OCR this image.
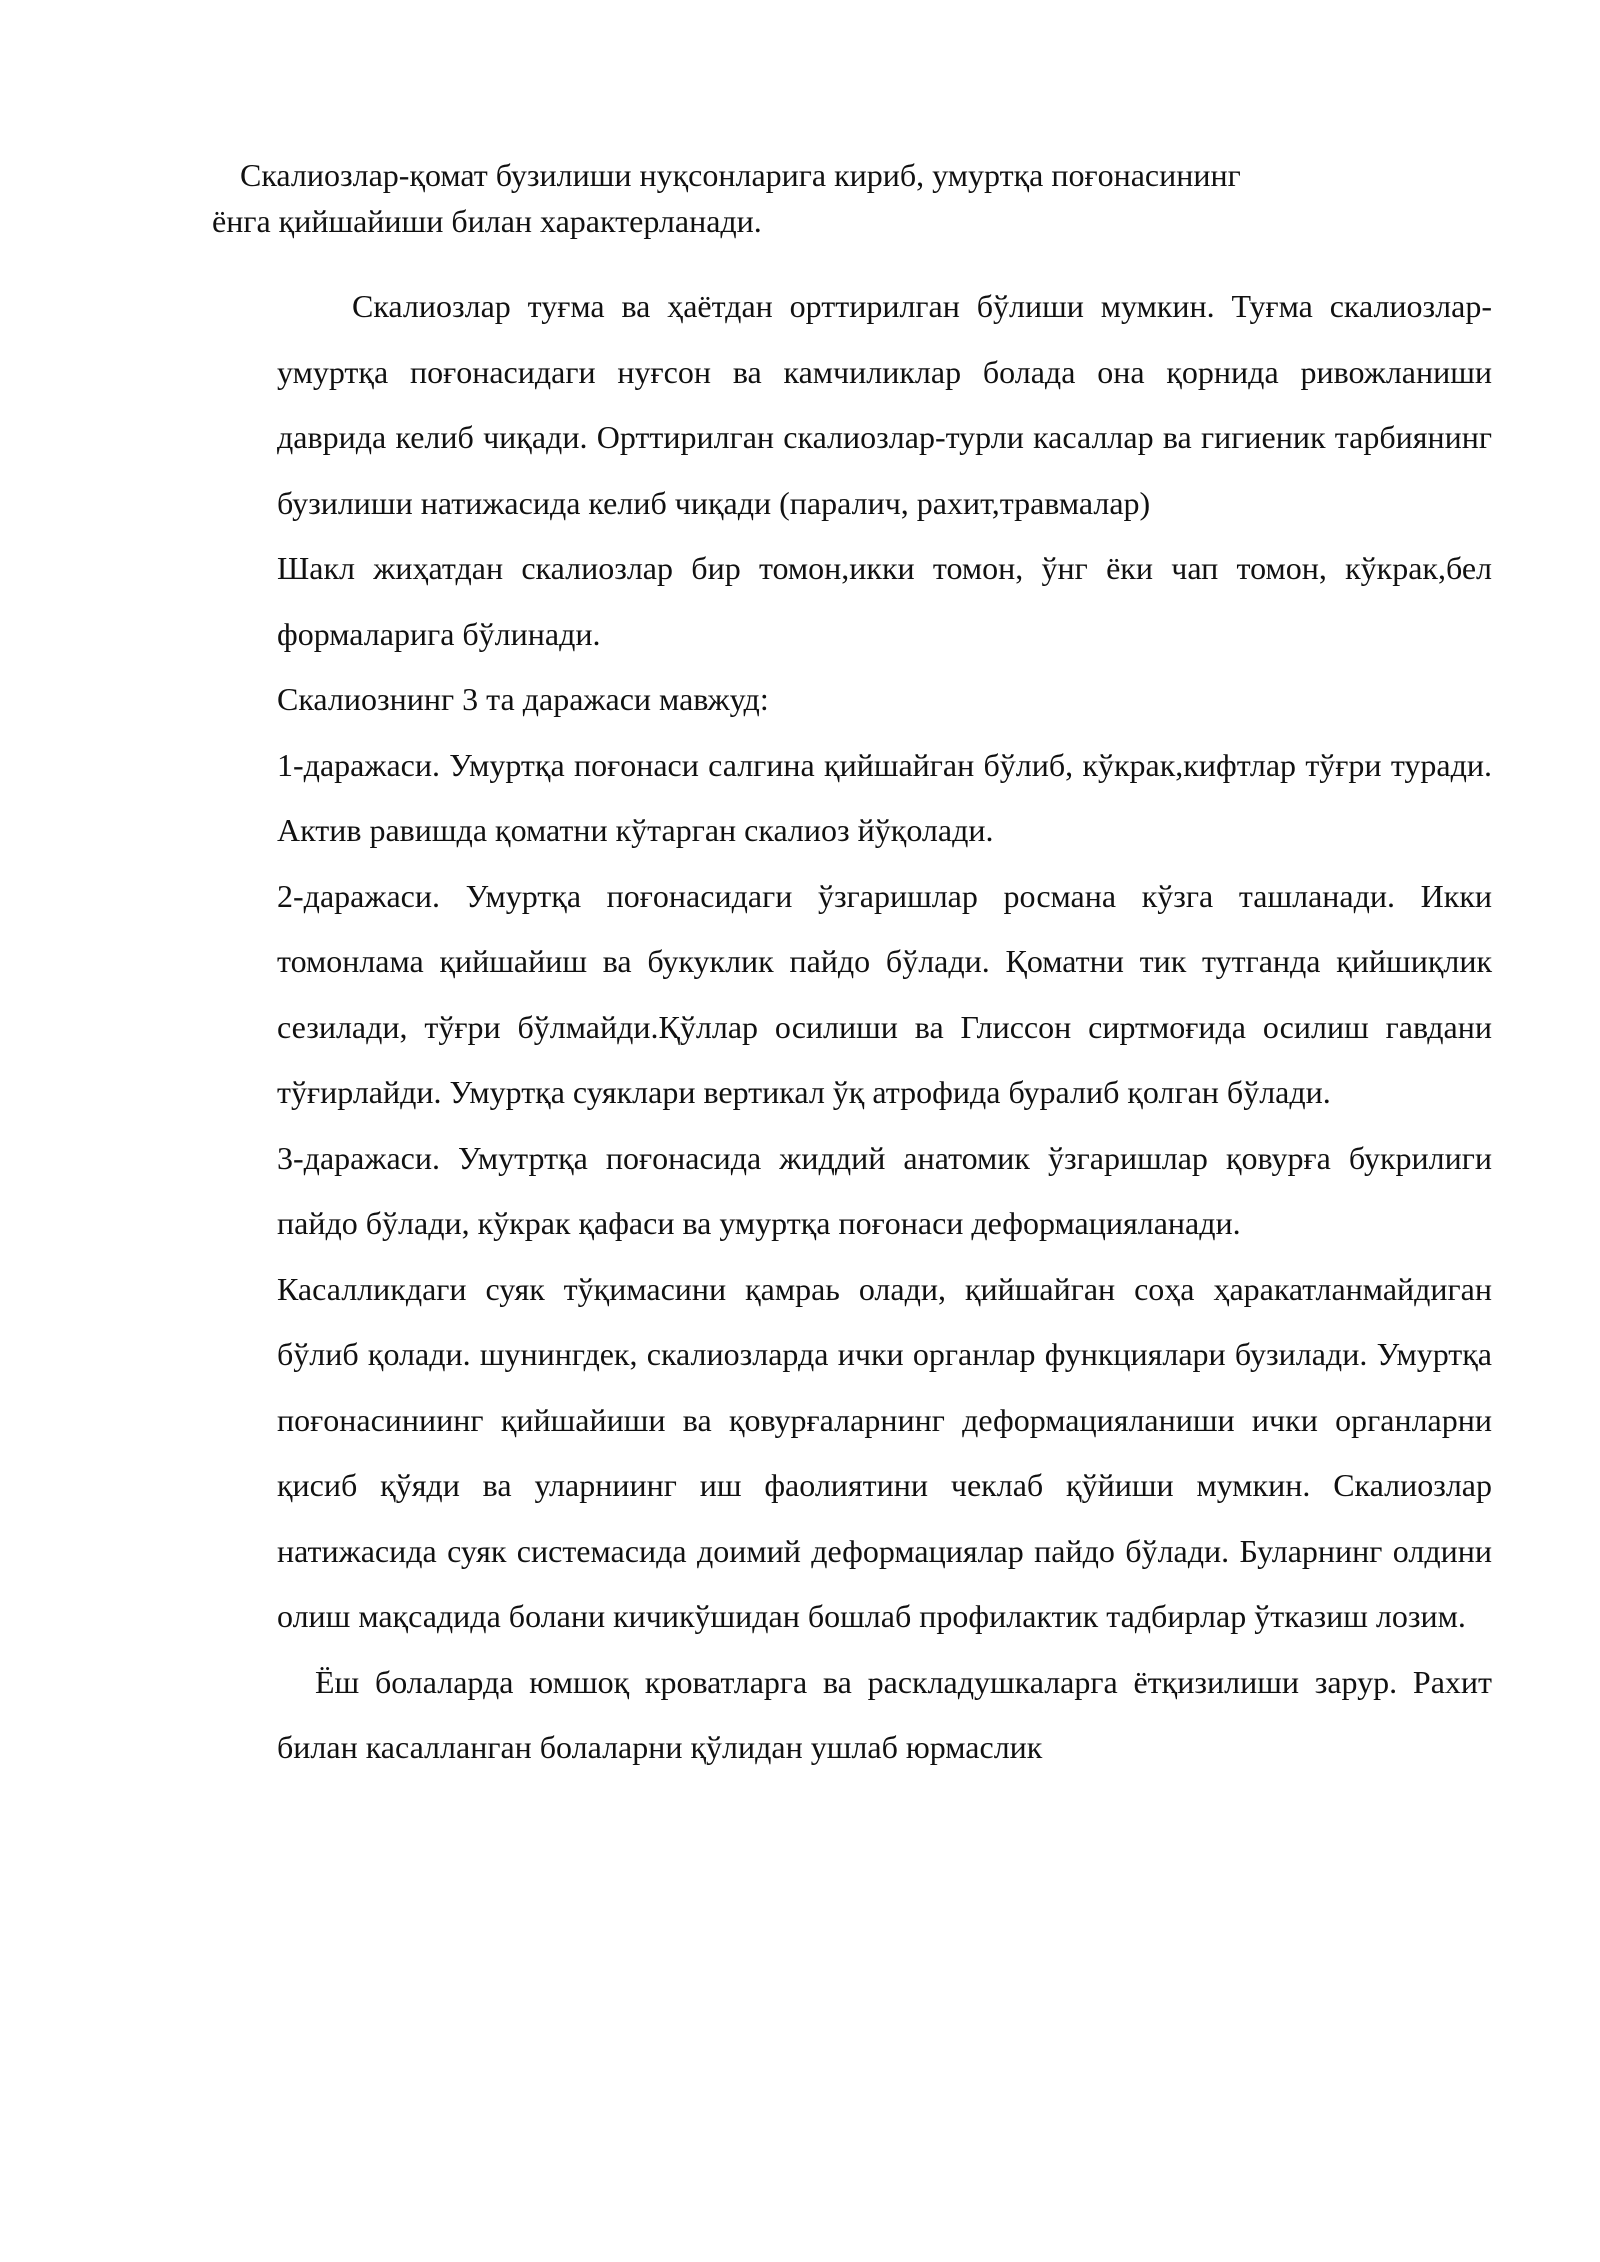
Скалиозлар-қомат бузилиши нуқсонларига кириб, умуртқа поғонасининг
ёнга қийшайиши билан характерланади.

Скалиозлар туғма ва ҳаётдан орттирилган бўлиши мумкин. Туғма скалиозлар-умуртқа поғонасидаги нуғсон ва камчиликлар болада она қорнида ривожланиши даврида келиб чиқади. Орттирилган скалиозлар-турли касаллар ва гигиеник тарбиянинг бузилиши натижасида келиб чиқади (паралич, рахит,травмалар)

Шакл жиҳатдан скалиозлар бир томон,икки томон, ўнг ёки чап томон, кўкрак,бел формаларига бўлинади.

Скалиознинг 3 та даражаси мавжуд:

1-даражаси. Умуртқа поғонаси салгина қийшайган бўлиб, кўкрак,кифтлар тўғри туради. Актив равишда қоматни кўтарган скалиоз йўқолади.

2-даражаси. Умуртқа поғонасидаги ўзгаришлар росмана кўзга ташланади. Икки томонлама қийшайиш ва букуклик пайдо бўлади. Қоматни тик тутганда қийшиқлик сезилади, тўғри бўлмайди.Қўллар осилиши ва Глиссон сиртмоғида осилиш гавдани тўғирлайди. Умуртқа суяклари вертикал ўқ атрофида буралиб қолган бўлади.

3-даражаси. Умутртқа поғонасида жиддий анатомик ўзгаришлар қовурға букрилиги пайдо бўлади, кўкрак қафаси ва умуртқа поғонаси деформацияланади.

Касалликдаги суяк тўқимасини қамраь олади, қийшайган соҳа ҳаракатланмайдиган бўлиб қолади. шунингдек, скалиозларда ички органлар функциялари бузилади. Умуртқа поғонасиниинг қийшайиши ва қовурғаларнинг деформацияланиши ички органларни қисиб қўяди ва уларниинг иш фаолиятини чеклаб қўйиши мумкин. Скалиозлар натижасида суяк системасида доимий деформациялар пайдо бўлади. Буларнинг олдини олиш мақсадида болани кичикўшидан бошлаб профилактик тадбирлар ўтказиш лозим.

Ёш болаларда юмшоқ кроватларга ва раскладушкаларга ётқизилиши зарур. Рахит билан касалланган болаларни қўлидан ушлаб юрмаслик
